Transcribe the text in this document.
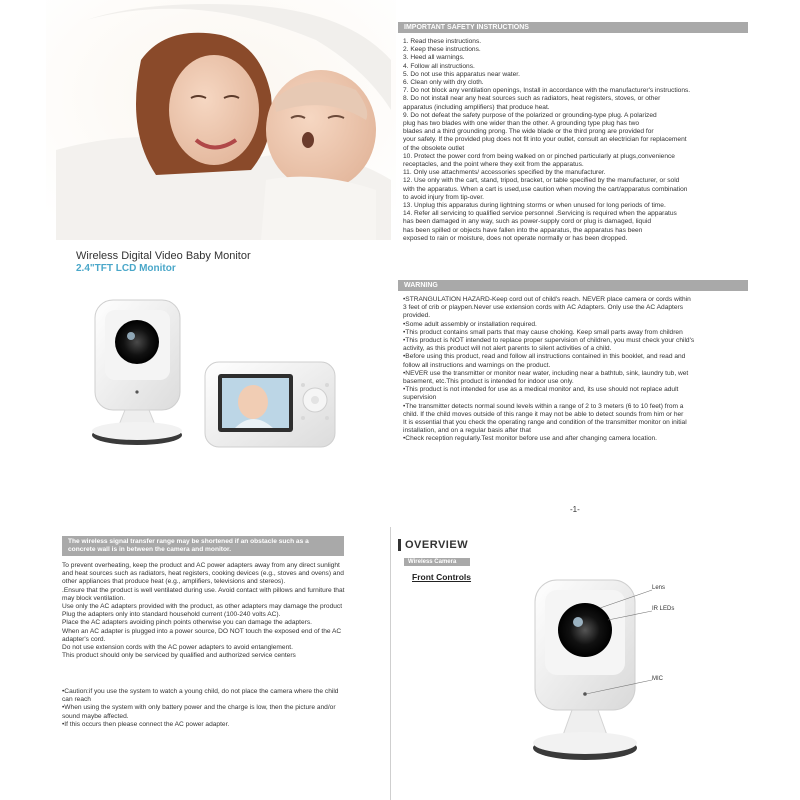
Wireless Digital Video Baby Monitor
2.4"TFT LCD Monitor
IMPORTANT SAFETY INSTRUCTIONS
1. Read these instructions.
2. Keep these instructions.
3. Heed all warnings.
4. Follow all instructions.
5. Do not use this apparatus near water.
6. Clean only with dry cloth.
7. Do not block any ventilation openings, Install in accordance with the manufacturer's instructions.
8. Do not install near any heat sources such as radiators, heat registers, stoves, or other
apparatus (including amplifiers) that produce heat.
9. Do not defeat the safety purpose of the polarized or grounding-type plug. A polarized
plug has two blades with one wider than the other. A grounding type plug has two
blades and a third grounding prong. The wide blade or the third prong are provided for
your safety. If the provided plug does not fit into your outlet, consult an electrician for replacement
of the obsolete outlet
10. Protect the power cord from being walked on or pinched particularly at plugs,convenience
receptacles, and the point where they exit from the apparatus.
11. Only use attachments/ accessories specified by the manufacturer.
12. Use only with the cart, stand, tripod, bracket, or table specified by the manufacturer, or sold
with the apparatus. When a cart is used,use caution when moving the cart/apparatus combination
to avoid injury from tip-over.
13. Unplug this apparatus during lightning storms or when unused for long periods of time.
14. Refer all servicing to qualified service personnel .Servicing is required when the apparatus
has been damaged in any way, such as power-supply cord or plug is damaged, liquid
has been spilled or objects have fallen into the apparatus, the apparatus has been
exposed to rain or moisture, does not operate normally or has been dropped.
WARNING
•STRANGULATION HAZARD-Keep cord out of child's reach. NEVER place camera or cords within
3 feet of crib or playpen.Never use extension cords with AC Adapters. Only use the AC Adapters
provided.
•Some adult assembly or installation required.
•This product contains small parts that may cause choking. Keep small parts away from children
•This product is NOT intended to replace proper supervision of children, you must check your child's
activity, as this product will not alert parents to silent activities of a child.
•Before using this product, read and follow all instructions contained in this booklet, and read and
follow all instructions and warnings on the product.
•NEVER use the transmitter or monitor near water, including near a bathtub, sink, laundry tub, wet
basement, etc.This product is intended for indoor use only.
•This product is not intended for use as a medical monitor and, its use should not replace adult
supervision
•The transmitter detects normal sound levels within a range of 2 to 3 meters (6 to 10 feet) from a
child. If the child moves outside of this range it may not be able to detect sounds from him or her
It is essential that you check the operating range and condition of the transmitter monitor on initial
installation, and on a regular basis after that
•Check reception regularly.Test monitor before use and after changing camera location.
-1-
The wireless signal transfer range may be shortened if an obstacle such as a
concrete wall is in between the camera and monitor.
To prevent overheating, keep the product and AC power adapters away from any direct sunlight
and heat sources such as radiators, heat registers, cooking devices (e.g., stoves and ovens) and
other appliances that produce heat (e.g., amplifiers, televisions and stereos).
.Ensure that the product is well ventilated during use. Avoid contact with pillows and furniture that
may block ventilation.
Use only the AC adapters provided with the product, as other adapters may damage the product
Plug the adapters only into standard household current (100-240 volts AC).
Place the AC adapters avoiding pinch points otherwise you can damage the adapters.
When an AC adapter is plugged into a power source, DO NOT touch the exposed end of the AC
adapter's cord.
Do not use extension cords with the AC power adapters to avoid entanglement.
This product should only be serviced by qualified and authorized service centers
•Caution:if you use the system to watch a young child, do not place the camera where the child
can reach
•When using the system with only battery power and the charge is low, then the picture and/or
sound maybe affected.
•If this occurs then please connect the AC power adapter.
OVERVIEW
Wireless Camera
Front Controls
Lens
IR LEDs
MIC
